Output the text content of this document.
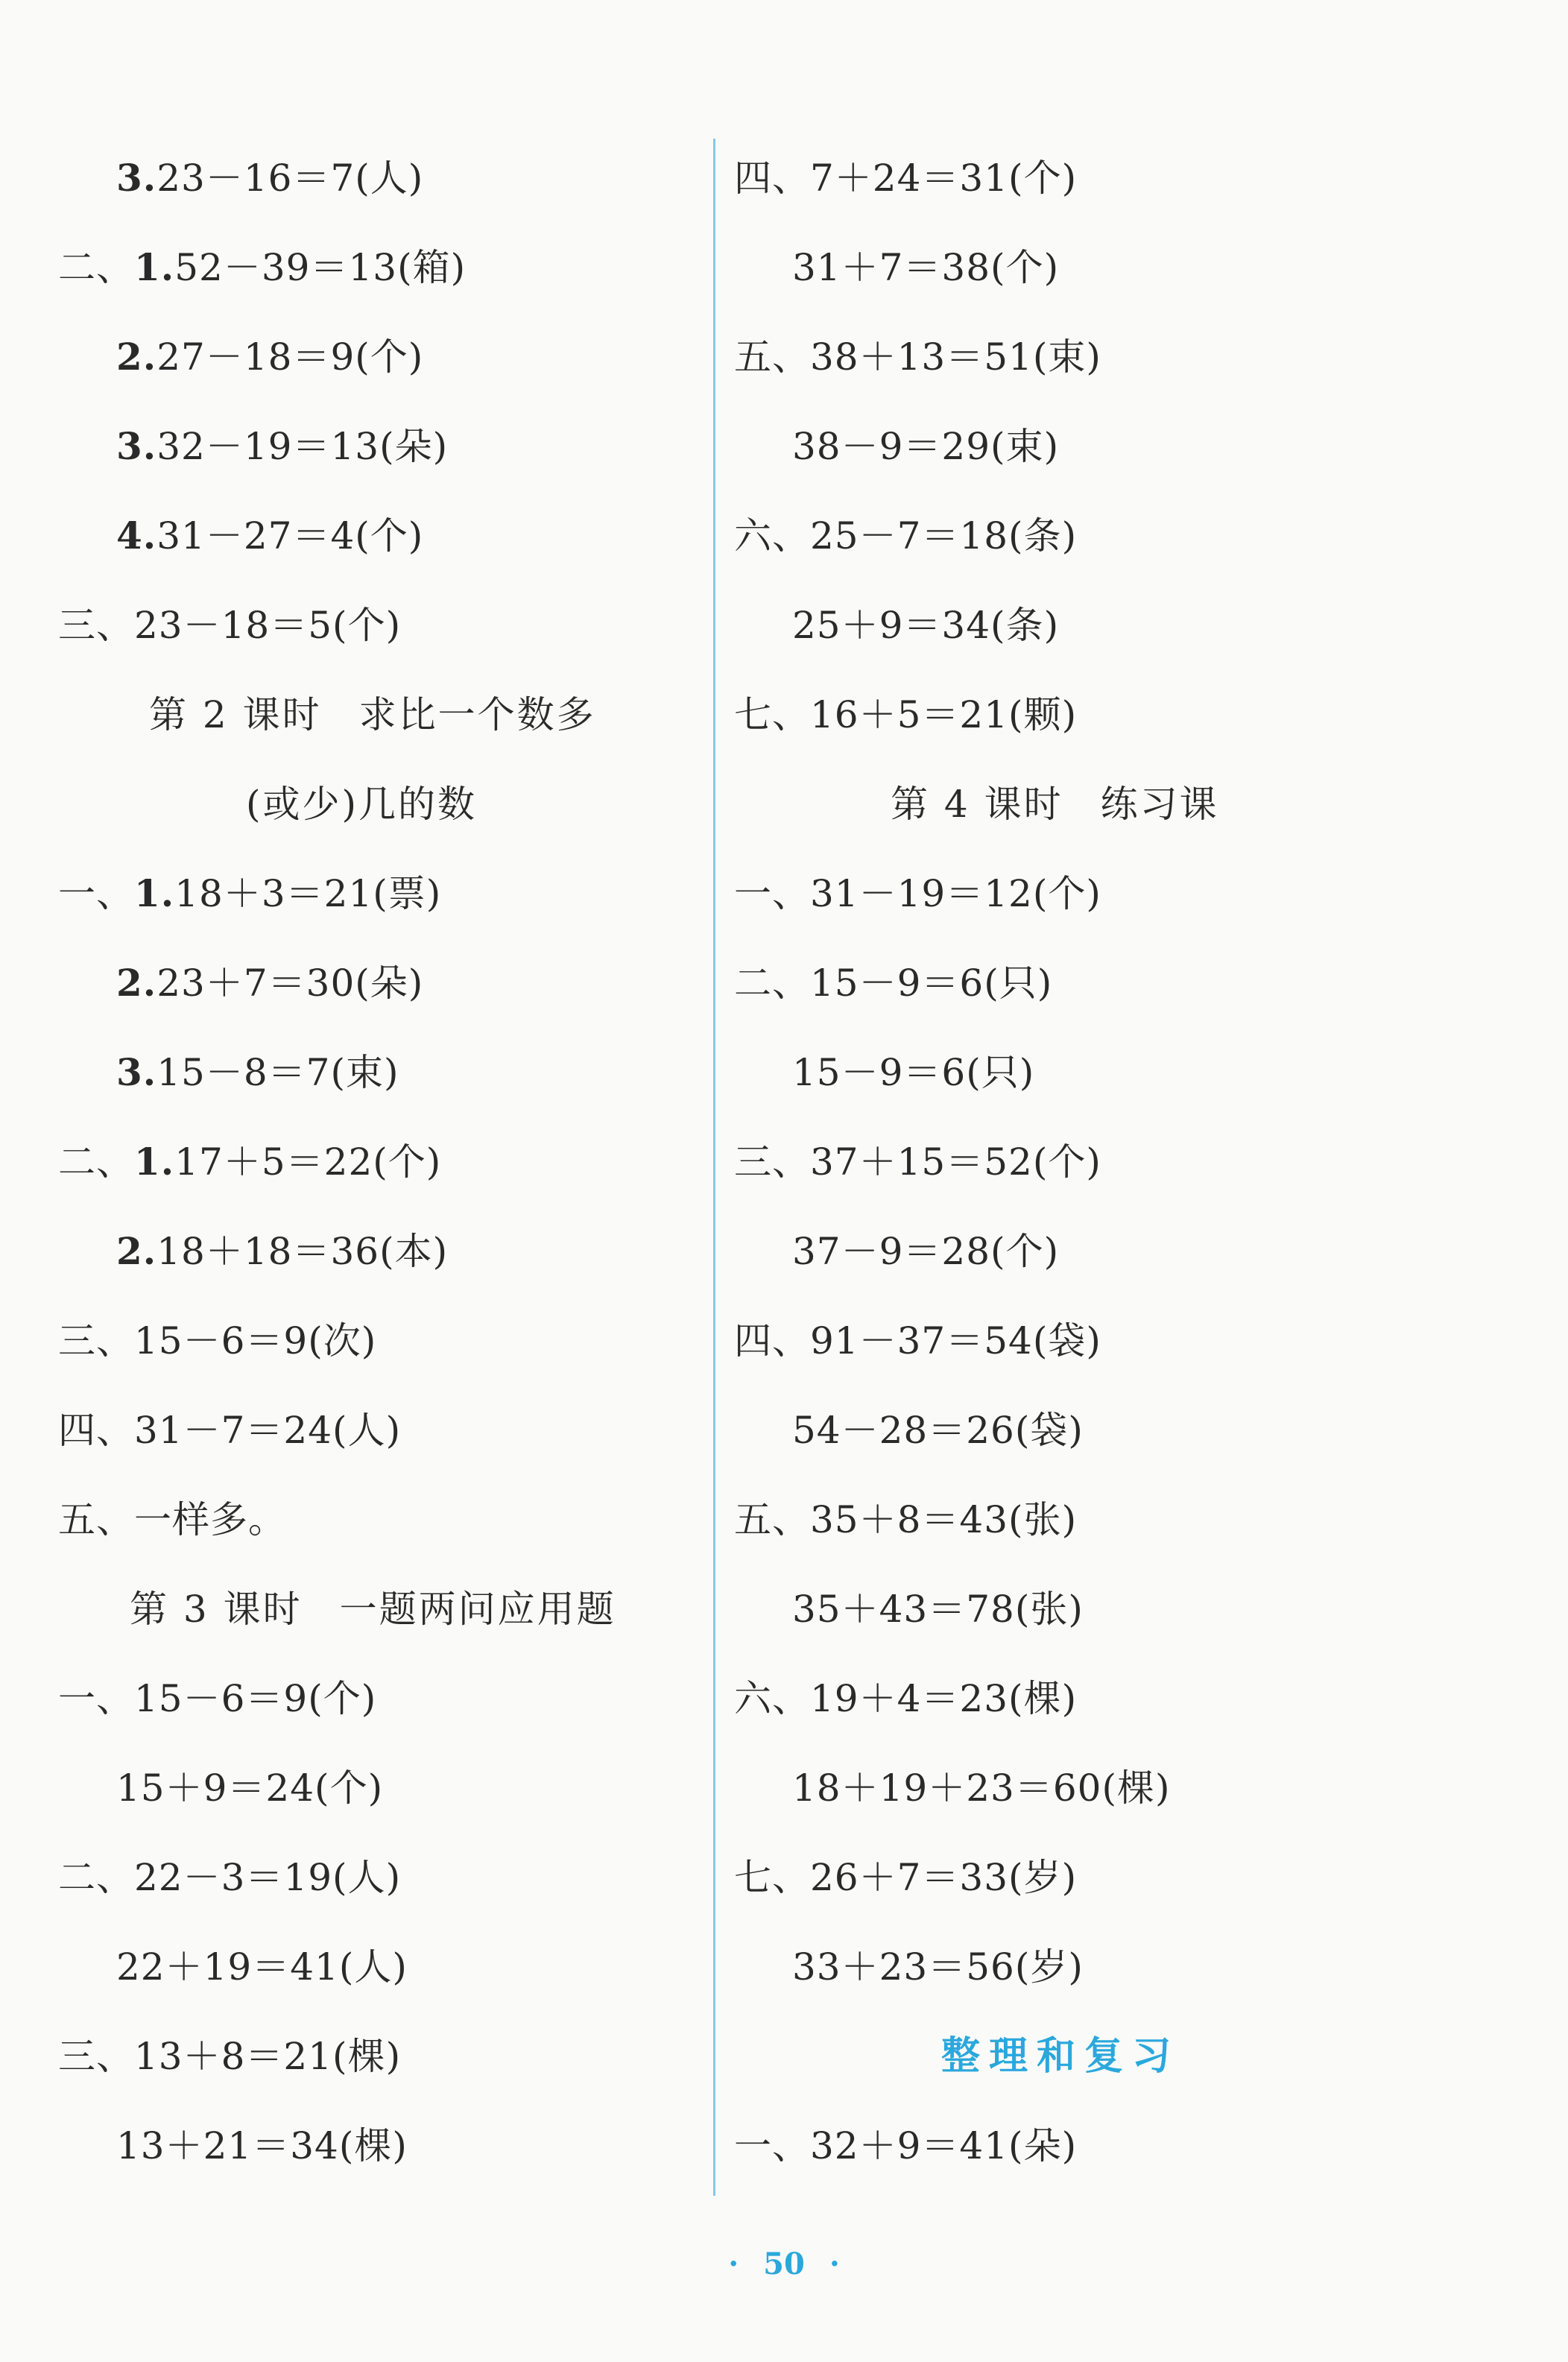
3.23－16＝7(人)
二、1.52－39＝13(箱)
2.27－18＝9(个)
3.32－19＝13(朵)
4.31－27＝4(个)
三、23－18＝5(个)
第 2 课时 求比一个数多
(或少)几的数
一、1.18＋3＝21(票)
2.23＋7＝30(朵)
3.15－8＝7(束)
二、1.17＋5＝22(个)
2.18＋18＝36(本)
三、15－6＝9(次)
四、31－7＝24(人)
五、一样多。
第 3 课时 一题两问应用题
一、15－6＝9(个)
15＋9＝24(个)
二、22－3＝19(人)
22＋19＝41(人)
三、13＋8＝21(棵)
13＋21＝34(棵)
四、7＋24＝31(个)
31＋7＝38(个)
五、38＋13＝51(束)
38－9＝29(束)
六、25－7＝18(条)
25＋9＝34(条)
七、16＋5＝21(颗)
第 4 课时 练习课
一、31－19＝12(个)
二、15－9＝6(只)
15－9＝6(只)
三、37＋15＝52(个)
37－9＝28(个)
四、91－37＝54(袋)
54－28＝26(袋)
五、35＋8＝43(张)
35＋43＝78(张)
六、19＋4＝23(棵)
18＋19＋23＝60(棵)
七、26＋7＝33(岁)
33＋23＝56(岁)
整理和复习
一、32＋9＝41(朵)
· 50 ·
